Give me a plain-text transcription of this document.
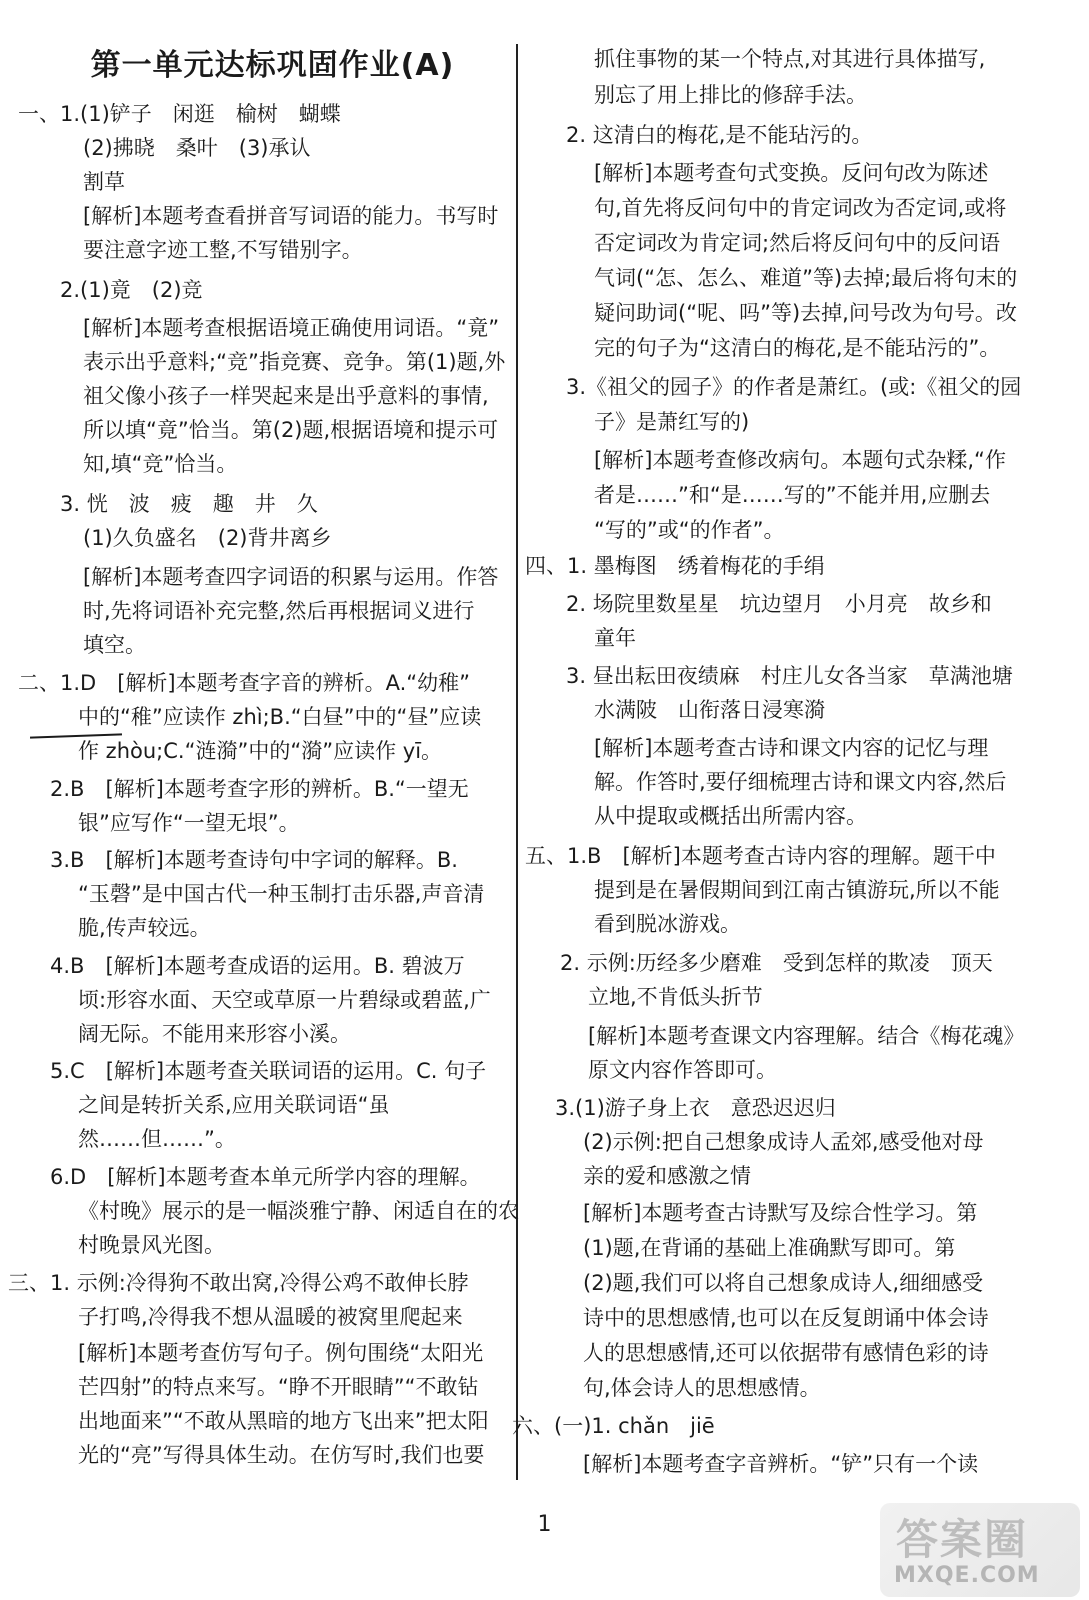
第一单元达标巩固作业(A)
一、1.(1)铲子　闲逛　榆树　蝴蝶
(2)拂晓　桑叶　(3)承认
割草
[解析]本题考查看拼音写词语的能力。书写时
要注意字迹工整,不写错别字。
2.(1)竟　(2)竞
[解析]本题考查根据语境正确使用词语。“竟”
表示出乎意料;“竞”指竞赛、竞争。第(1)题,外
祖父像小孩子一样哭起来是出乎意料的事情,
所以填“竟”恰当。第(2)题,根据语境和提示可
知,填“竞”恰当。
3. 恍　波　疲　趣　井　久
(1)久负盛名　(2)背井离乡
[解析]本题考查四字词语的积累与运用。作答
时,先将词语补充完整,然后再根据词义进行
填空。
二、1.D　[解析]本题考查字音的辨析。A.“幼稚”
中的“稚”应读作 zhì;B.“白昼”中的“昼”应读
作 zhòu;C.“涟漪”中的“漪”应读作 yī。
2.B　[解析]本题考查字形的辨析。B.“一望无
银”应写作“一望无垠”。
3.B　[解析]本题考查诗句中字词的解释。B.
“玉磬”是中国古代一种玉制打击乐器,声音清
脆,传声较远。
4.B　[解析]本题考查成语的运用。B. 碧波万
顷:形容水面、天空或草原一片碧绿或碧蓝,广
阔无际。不能用来形容小溪。
5.C　[解析]本题考查关联词语的运用。C. 句子
之间是转折关系,应用关联词语“虽
然……但……”。
6.D　[解析]本题考查本单元所学内容的理解。
《村晚》展示的是一幅淡雅宁静、闲适自在的农
村晚景风光图。
三、1. 示例:冷得狗不敢出窝,冷得公鸡不敢伸长脖
子打鸣,冷得我不想从温暖的被窝里爬起来
[解析]本题考查仿写句子。例句围绕“太阳光
芒四射”的特点来写。“睁不开眼睛”“不敢钻
出地面来”“不敢从黑暗的地方飞出来”把太阳
光的“亮”写得具体生动。在仿写时,我们也要
抓住事物的某一个特点,对其进行具体描写,
别忘了用上排比的修辞手法。
2. 这清白的梅花,是不能玷污的。
[解析]本题考查句式变换。反问句改为陈述
句,首先将反问句中的肯定词改为否定词,或将
否定词改为肯定词;然后将反问句中的反问语
气词(“怎、怎么、难道”等)去掉;最后将句末的
疑问助词(“呢、吗”等)去掉,问号改为句号。改
完的句子为“这清白的梅花,是不能玷污的”。
3.《祖父的园子》的作者是萧红。(或:《祖父的园
子》是萧红写的)
[解析]本题考查修改病句。本题句式杂糅,“作
者是……”和“是……写的”不能并用,应删去
“写的”或“的作者”。
四、1. 墨梅图　绣着梅花的手绢
2. 场院里数星星　坑边望月　小月亮　故乡和
童年
3. 昼出耘田夜绩麻　村庄儿女各当家　草满池塘
水满陂　山衔落日浸寒漪
[解析]本题考查古诗和课文内容的记忆与理
解。作答时,要仔细梳理古诗和课文内容,然后
从中提取或概括出所需内容。
五、1.B　[解析]本题考查古诗内容的理解。题干中
提到是在暑假期间到江南古镇游玩,所以不能
看到脱冰游戏。
2. 示例:历经多少磨难　受到怎样的欺凌　顶天
立地,不肯低头折节
[解析]本题考查课文内容理解。结合《梅花魂》
原文内容作答即可。
3.(1)游子身上衣　意恐迟迟归
(2)示例:把自己想象成诗人孟郊,感受他对母
亲的爱和感激之情
[解析]本题考查古诗默写及综合性学习。第
(1)题,在背诵的基础上准确默写即可。第
(2)题,我们可以将自己想象成诗人,细细感受
诗中的思想感情,也可以在反复朗诵中体会诗
人的思想感情,还可以依据带有感情色彩的诗
句,体会诗人的思想感情。
六、(一)1. chǎn　jiē
[解析]本题考查字音辨析。“铲”只有一个读
1	答案圈
MXQE.COM
